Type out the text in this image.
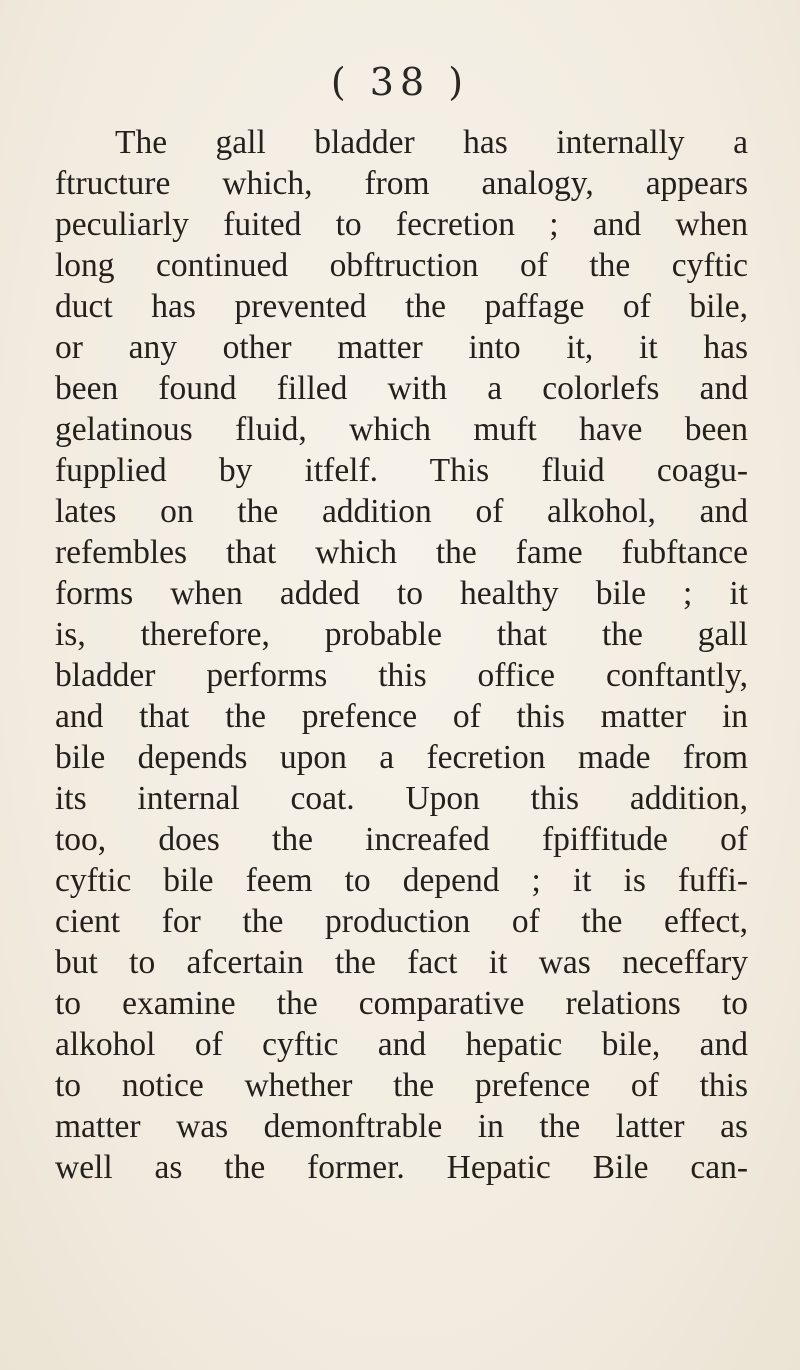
( 38 )
The gall bladder has internally a
ftructure which, from analogy, appears
peculiarly fuited to fecretion ; and when
long continued obftruction of the cyftic
duct has prevented the paffage of bile,
or any other matter into it, it has
been found filled with a colorlefs and
gelatinous fluid, which muft have been
fupplied by itfelf. This fluid coagu-
lates on the addition of alkohol, and
refembles that which the fame fubftance
forms when added to healthy bile ; it
is, therefore, probable that the gall
bladder performs this office conftantly,
and that the prefence of this matter in
bile depends upon a fecretion made from
its internal coat. Upon this addition,
too, does the increafed fpiffitude of
cyftic bile feem to depend ; it is fuffi-
cient for the production of the effect,
but to afcertain the fact it was neceffary
to examine the comparative relations to
alkohol of cyftic and hepatic bile, and
to notice whether the prefence of this
matter was demonftrable in the latter as
well as the former. Hepatic Bile can-
